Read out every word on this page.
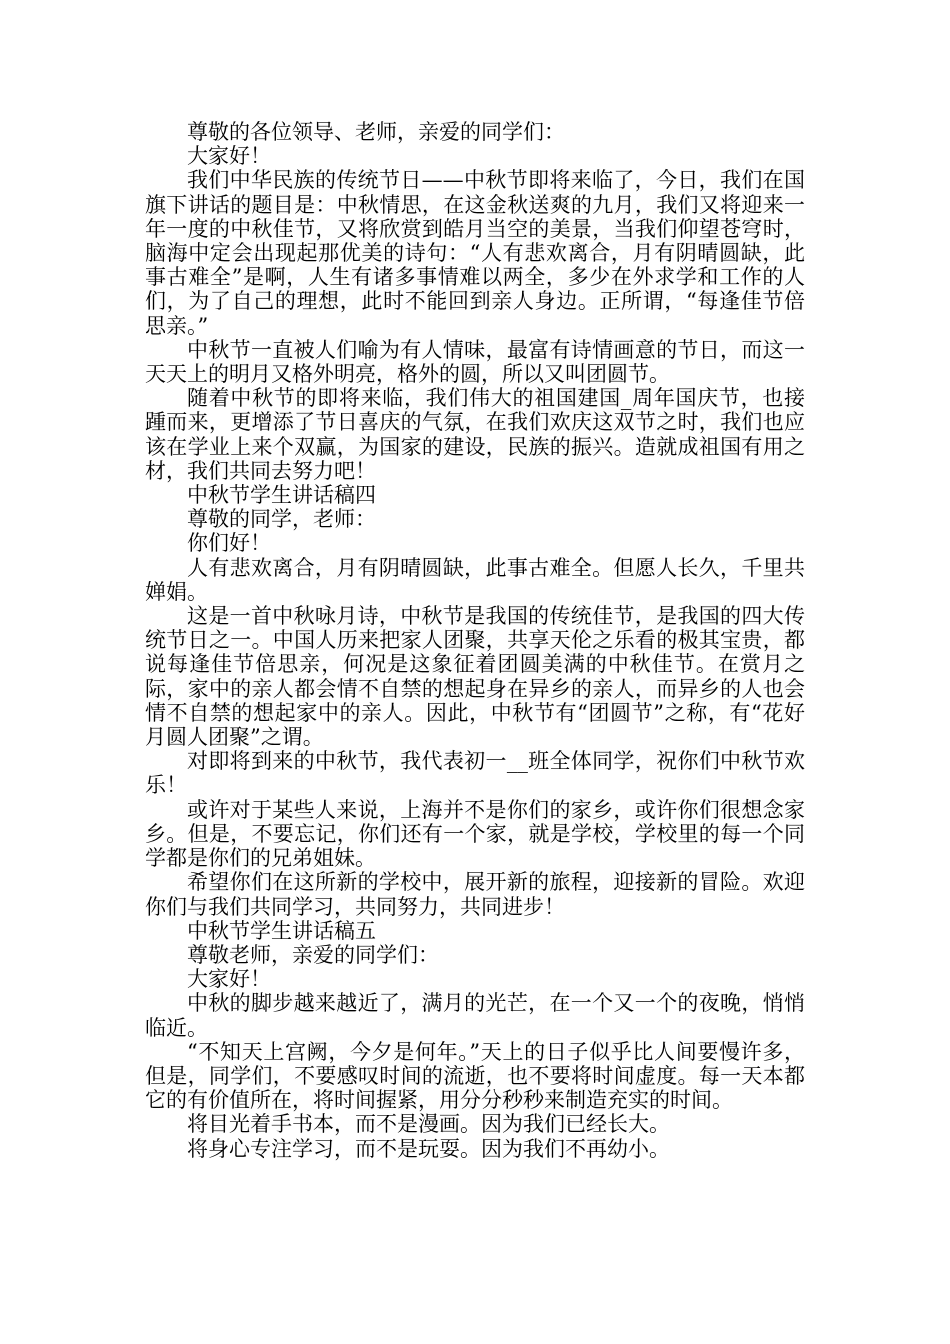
尊敬的各位领导、老师，亲爱的同学们：

大家好！

我们中华民族的传统节日——中秋节即将来临了，今日，我们在国旗下讲话的题目是：中秋情思，在这金秋送爽的九月，我们又将迎来一年一度的中秋佳节，又将欣赏到皓月当空的美景，当我们仰望苍穹时，脑海中定会出现起那优美的诗句：“人有悲欢离合，月有阴晴圆缺，此事古难全”是啊，人生有诸多事情难以两全，多少在外求学和工作的人们，为了自己的理想，此时不能回到亲人身边。正所谓，“每逢佳节倍思亲。”

中秋节一直被人们喻为有人情味，最富有诗情画意的节日，而这一天天上的明月又格外明亮，格外的圆，所以又叫团圆节。

随着中秋节的即将来临，我们伟大的祖国建国_周年国庆节，也接踵而来，更增添了节日喜庆的气氛，在我们欢庆这双节之时，我们也应该在学业上来个双赢，为国家的建设，民族的振兴。造就成祖国有用之材，我们共同去努力吧！

中秋节学生讲话稿四

尊敬的同学，老师：

你们好！

人有悲欢离合，月有阴晴圆缺，此事古难全。但愿人长久，千里共婵娟。

这是一首中秋咏月诗，中秋节是我国的传统佳节，是我国的四大传统节日之一。中国人历来把家人团聚，共享天伦之乐看的极其宝贵，都说每逢佳节倍思亲，何况是这象征着团圆美满的中秋佳节。在赏月之际，家中的亲人都会情不自禁的想起身在异乡的亲人，而异乡的人也会情不自禁的想起家中的亲人。因此，中秋节有“团圆节”之称，有“花好月圆人团聚”之谓。

对即将到来的中秋节，我代表初一__班全体同学，祝你们中秋节欢乐！

或许对于某些人来说，上海并不是你们的家乡，或许你们很想念家乡。但是，不要忘记，你们还有一个家，就是学校，学校里的每一个同学都是你们的兄弟姐妹。

希望你们在这所新的学校中，展开新的旅程，迎接新的冒险。欢迎你们与我们共同学习，共同努力，共同进步！

中秋节学生讲话稿五

尊敬老师，亲爱的同学们：

大家好！

中秋的脚步越来越近了，满月的光芒，在一个又一个的夜晚，悄悄临近。

“不知天上宫阙，今夕是何年。”天上的日子似乎比人间要慢许多，但是，同学们，不要感叹时间的流逝，也不要将时间虚度。每一天本都它的有价值所在，将时间握紧，用分分秒秒来制造充实的时间。

将目光着手书本，而不是漫画。因为我们已经长大。

将身心专注学习，而不是玩耍。因为我们不再幼小。
